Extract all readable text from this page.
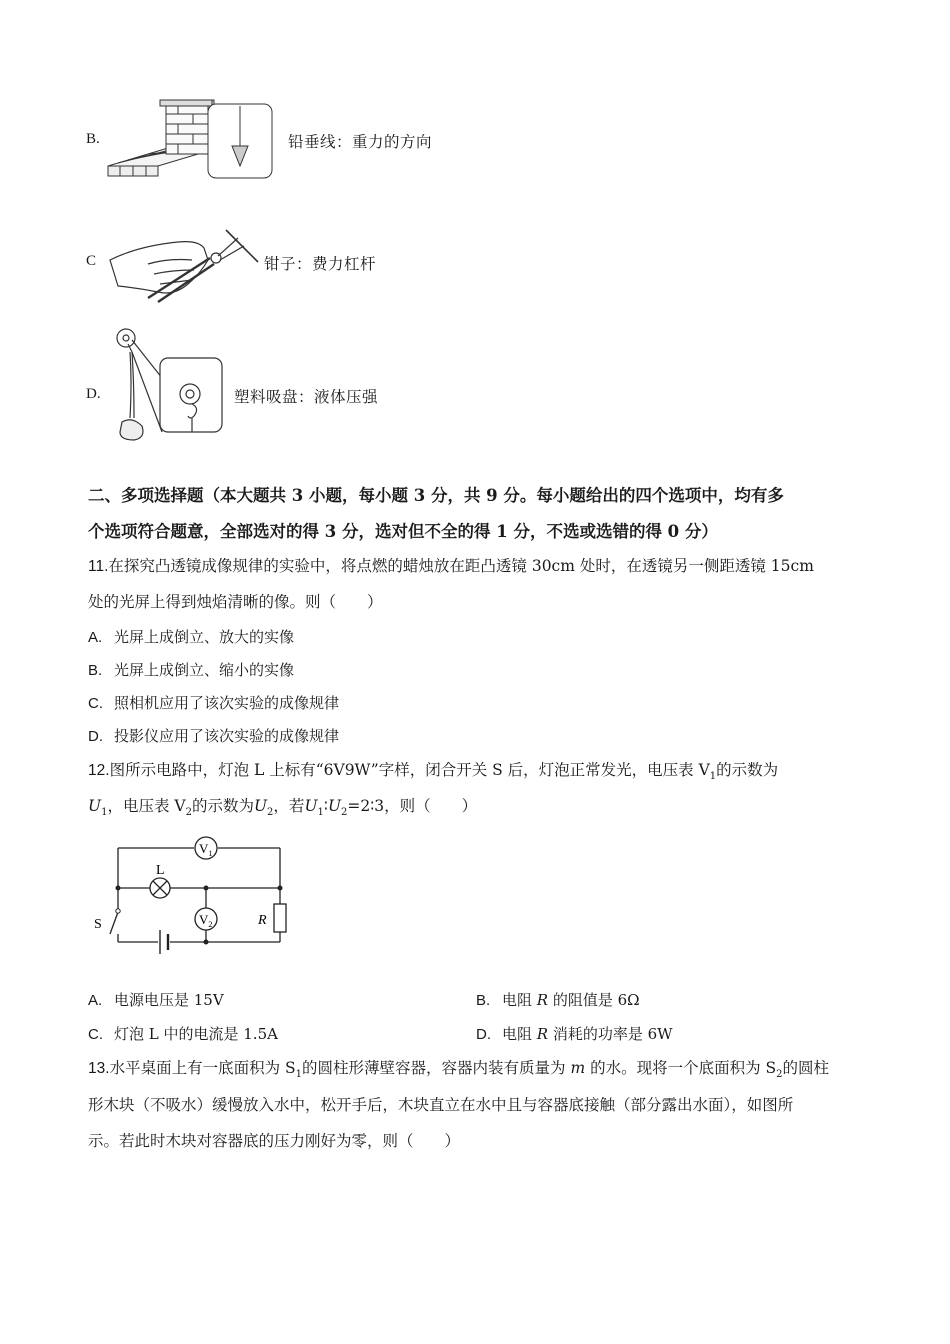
B.	铅垂线：重力的方向
C	钳子：费力杠杆
D.	塑料吸盘：液体压强
二、多项选择题（本大题共 3 小题，每小题 3 分，共 9 分。每小题给出的四个选项中，均有多
个选项符合题意，全部选对的得 3 分，选对但不全的得 1 分，不选或选错的得 0 分）
11.在探究凸透镜成像规律的实验中，将点燃的蜡烛放在距凸透镜 30cm 处时，在透镜另一侧距透镜 15cm
处的光屏上得到烛焰清晰的像。则（　　）
A. 光屏上成倒立、放大的实像
B. 光屏上成倒立、缩小的实像
C. 照相机应用了该次实验的成像规律
D. 投影仪应用了该次实验的成像规律
12.图所示电路中，灯泡 L 上标有“6V9W”字样，闭合开关 S 后，灯泡正常发光，电压表 $V_1$的示数为
$U_1$，电压表 $V_2$的示数为$U_2$，若$U_1∶U_2=2∶3$，则（　　）
$V_1$
$V_2$
L
S	R
A. 电源电压是 15V	B. 电阻 R 的阻值是 6Ω
C. 灯泡 L 中的电流是 1.5A	D. 电阻 R 消耗的功率是 6W
13.水平桌面上有一底面积为 $S_1$的圆柱形薄壁容器，容器内装有质量为 m 的水。现将一个底面积为 $S_2$的圆柱
形木块（不吸水）缓慢放入水中，松开手后，木块直立在水中且与容器底接触（部分露出水面），如图所
示。若此时木块对容器底的压力刚好为零，则（　　）
